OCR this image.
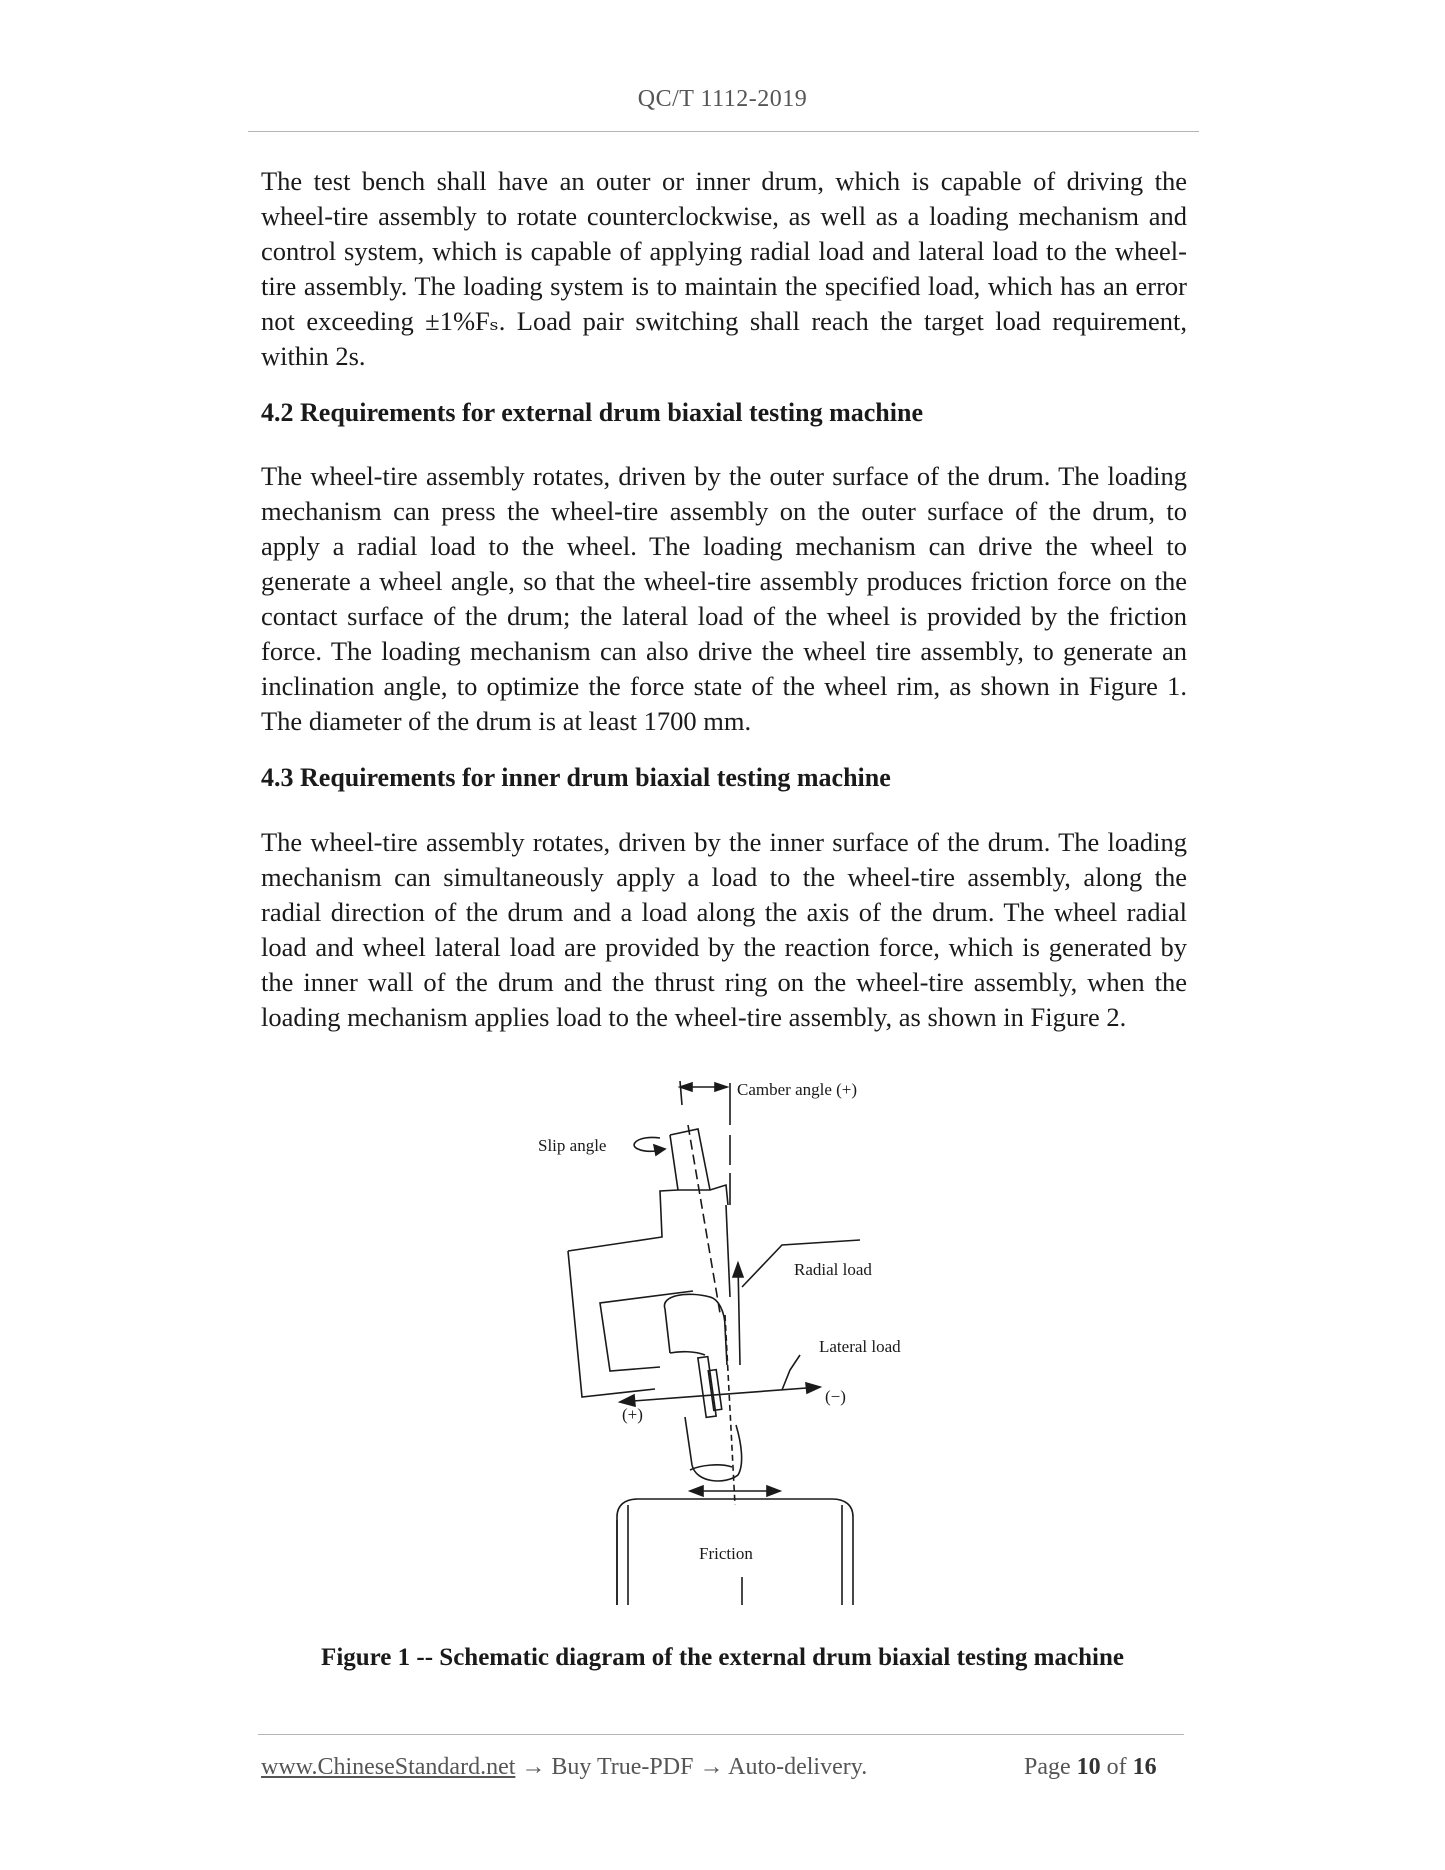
QC/T 1112-2019

The test bench shall have an outer or inner drum, which is capable of driving the wheel-tire assembly to rotate counterclockwise, as well as a loading mechanism and control system, which is capable of applying radial load and lateral load to the wheel-tire assembly. The loading system is to maintain the specified load, which has an error not exceeding ±1%Fₛ. Load pair switching shall reach the target load requirement, within 2s.

4.2 Requirements for external drum biaxial testing machine

The wheel-tire assembly rotates, driven by the outer surface of the drum. The loading mechanism can press the wheel-tire assembly on the outer surface of the drum, to apply a radial load to the wheel. The loading mechanism can drive the wheel to generate a wheel angle, so that the wheel-tire assembly produces friction force on the contact surface of the drum; the lateral load of the wheel is provided by the friction force. The loading mechanism can also drive the wheel tire assembly, to generate an inclination angle, to optimize the force state of the wheel rim, as shown in Figure 1. The diameter of the drum is at least 1700 mm.

4.3 Requirements for inner drum biaxial testing machine

The wheel-tire assembly rotates, driven by the inner surface of the drum. The loading mechanism can simultaneously apply a load to the wheel-tire assembly, along the radial direction of the drum and a load along the axis of the drum. The wheel radial load and wheel lateral load are provided by the reaction force, which is generated by the inner wall of the drum and the thrust ring on the wheel-tire assembly, when the loading mechanism applies load to the wheel-tire assembly, as shown in Figure 2.

Camber angle (+)
Slip angle
Radial load
Lateral load
(+)
(−)
Friction
Figure 1 -- Schematic diagram of the external drum biaxial testing machine
www.ChineseStandard.net → Buy True-PDF → Auto-delivery.	Page 10 of 16
